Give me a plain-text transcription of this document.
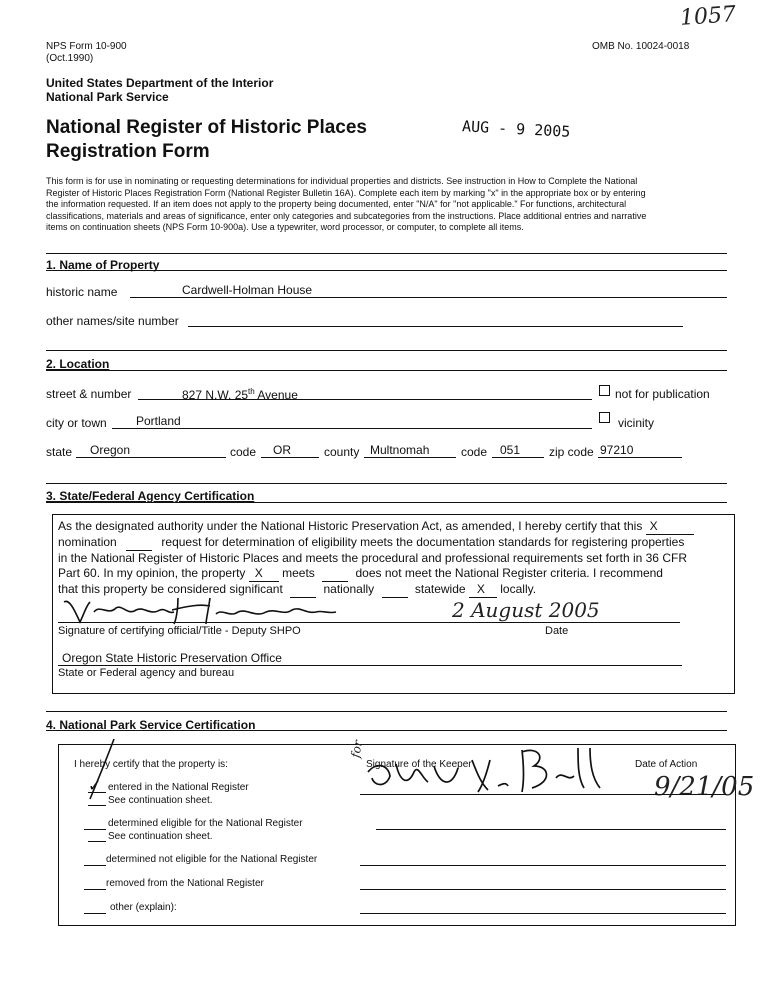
1057
NPS Form 10-900
(Oct.1990)
OMB No. 10024-0018
United States Department of the Interior
National Park Service
National Register of Historic Places
Registration Form
AUG - 9 2005
This form is for use in nominating or requesting determinations for individual properties and districts. See instruction in How to Complete the National
Register of Historic Places Registration Form (National Register Bulletin 16A). Complete each item by marking "x" in the appropriate box or by entering
the information requested. If an item does not apply to the property being documented, enter "N/A" for "not applicable." For functions, architectural
classifications, materials and areas of significance, enter only categories and subcategories from the instructions. Place additional entries and narrative
items on continuation sheets (NPS Form 10-900a). Use a typewriter, word processor, or computer, to complete all items.
1. Name of Property
historic name	Cardwell-Holman House
other names/site number
2. Location
street & number	827 N.W. 25th Avenue	not for publication
city or town	Portland	vicinity
state	Oregon	code	OR	county Multnomah	code	051	zip code 97210
3. State/Federal Agency Certification
As the designated authority under the National Historic Preservation Act, as amended, I hereby certify that this X
nomination	request for determination of eligibility meets the documentation standards for registering properties
in the National Register of Historic Places and meets the procedural and professional requirements set forth in 36 CFR
Part 60. In my opinion, the property X meets	does not meet the National Register criteria. I recommend
that this property be considered significant	nationally	statewide X locally.
2 August 2005
Signature of certifying official/Title - Deputy SHPO	Date
Oregon State Historic Preservation Office
State or Federal agency and bureau
4. National Park Service Certification
I hereby certify that the property is:	Signature of the Keeper	Date of Action
for
9/21/05
✓ entered in the National Register
See continuation sheet.
determined eligible for the National Register
See continuation sheet.
determined not eligible for the National Register
removed from the National Register
other (explain):
